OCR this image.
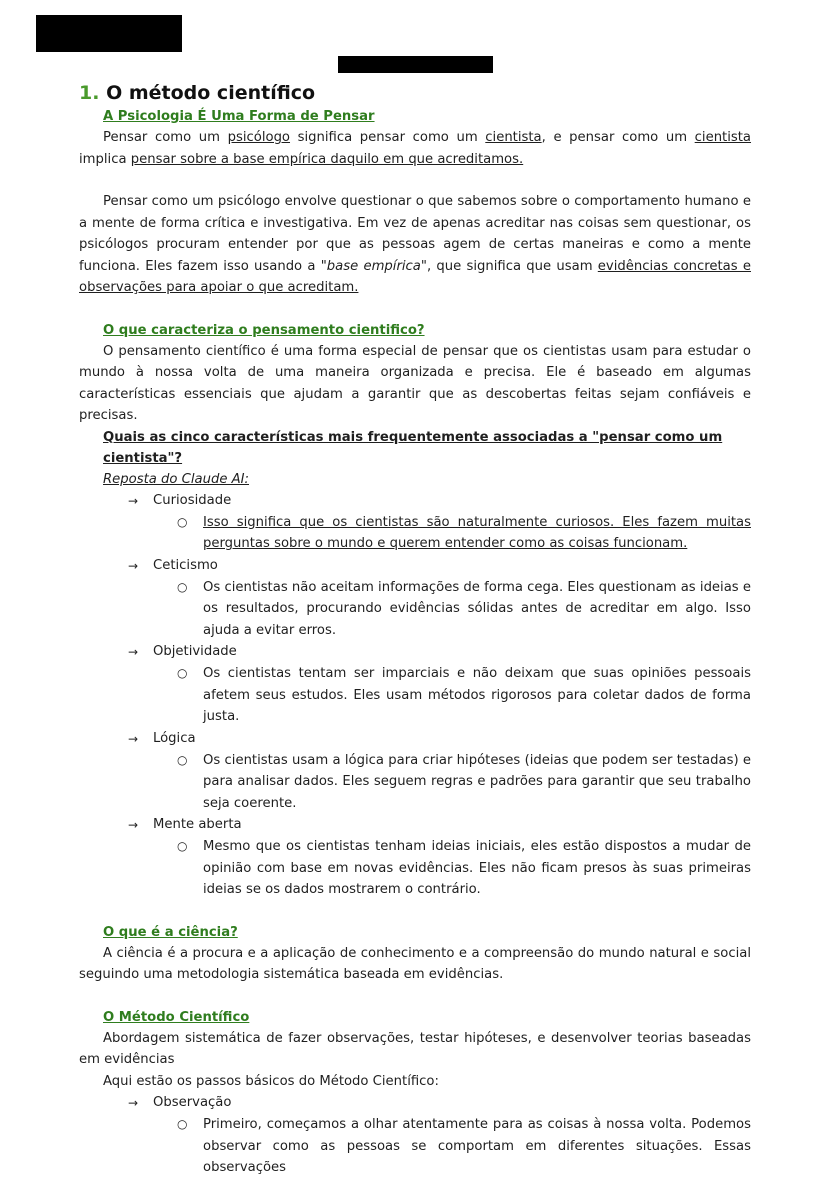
1. O método científico
A Psicologia É Uma Forma de Pensar

Pensar como um psicólogo significa pensar como um cientista, e pensar como um cientista implica pensar sobre a base empírica daquilo em que acreditamos.

Pensar como um psicólogo envolve questionar o que sabemos sobre o comportamento humano e a mente de forma crítica e investigativa. Em vez de apenas acreditar nas coisas sem questionar, os psicólogos procuram entender por que as pessoas agem de certas maneiras e como a mente funciona. Eles fazem isso usando a "base empírica", que significa que usam evidências concretas e observações para apoiar o que acreditam.

O que caracteriza o pensamento cientifico?

O pensamento científico é uma forma especial de pensar que os cientistas usam para estudar o mundo à nossa volta de uma maneira organizada e precisa. Ele é baseado em algumas características essenciais que ajudam a garantir que as descobertas feitas sejam confiáveis e precisas.

Quais as cinco características mais frequentemente associadas a "pensar como um cientista"?
Reposta do Claude AI:
→ Curiosidade
○ Isso significa que os cientistas são naturalmente curiosos. Eles fazem muitas perguntas sobre o mundo e querem entender como as coisas funcionam.
→ Ceticismo
○ Os cientistas não aceitam informações de forma cega. Eles questionam as ideias e os resultados, procurando evidências sólidas antes de acreditar em algo. Isso ajuda a evitar erros.
→ Objetividade
○ Os cientistas tentam ser imparciais e não deixam que suas opiniões pessoais afetem seus estudos. Eles usam métodos rigorosos para coletar dados de forma justa.
→ Lógica
○ Os cientistas usam a lógica para criar hipóteses (ideias que podem ser testadas) e para analisar dados. Eles seguem regras e padrões para garantir que seu trabalho seja coerente.
→ Mente aberta
○ Mesmo que os cientistas tenham ideias iniciais, eles estão dispostos a mudar de opinião com base em novas evidências. Eles não ficam presos às suas primeiras ideias se os dados mostrarem o contrário.
O que é a ciência?

A ciência é a procura e a aplicação de conhecimento e a compreensão do mundo natural e social seguindo uma metodologia sistemática baseada em evidências.

O Método Científico

Abordagem sistemática de fazer observações, testar hipóteses, e desenvolver teorias baseadas em evidências

Aqui estão os passos básicos do Método Científico:

→ Observação
○ Primeiro, começamos a olhar atentamente para as coisas à nossa volta. Podemos observar como as pessoas se comportam em diferentes situações. Essas observações
